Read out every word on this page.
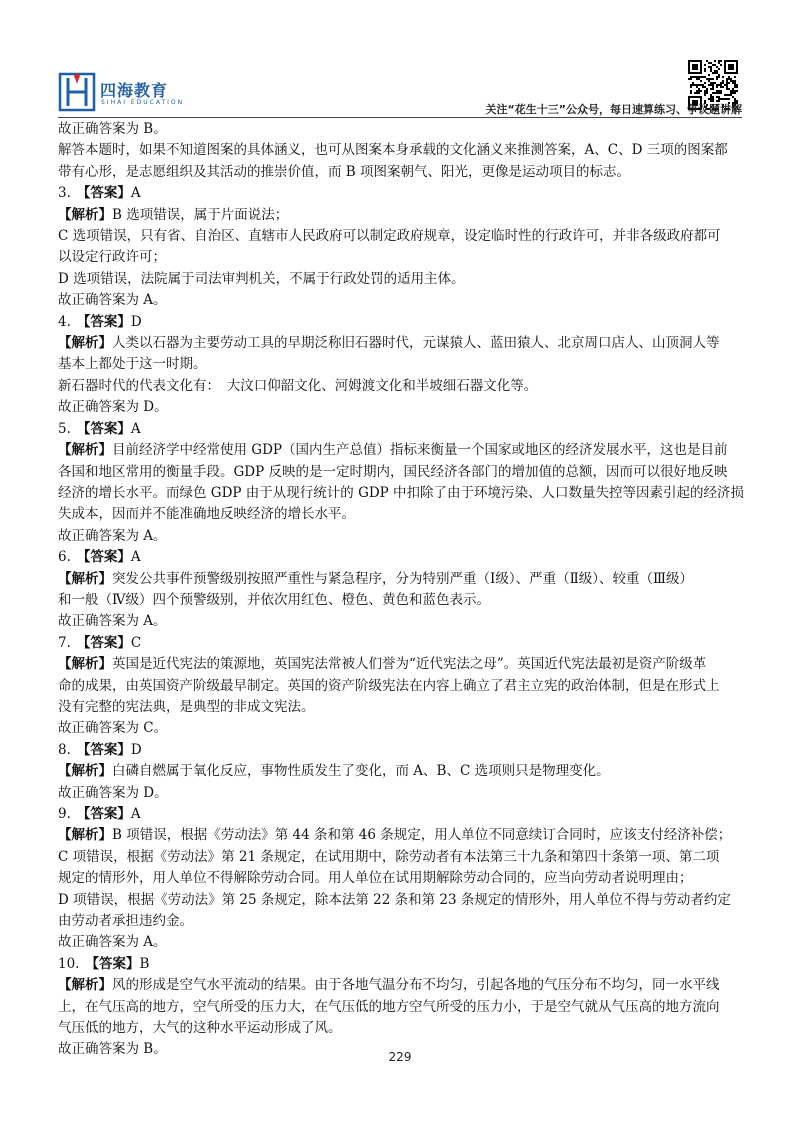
四海教育
SIHAI EDUCATION
关注“花生十三”公众号，每日速算练习、争议题讲解
故正确答案为 B。
解答本题时，如果不知道图案的具体涵义，也可从图案本身承载的文化涵义来推测答案，A、C、D 三项的图案都
带有心形，是志愿组织及其活动的推崇价值，而 B 项图案朝气、阳光，更像是运动项目的标志。
3. 【答案】A
【解析】B 选项错误，属于片面说法；
C 选项错误，只有省、自治区、直辖市人民政府可以制定政府规章，设定临时性的行政许可，并非各级政府都可
以设定行政许可；
D 选项错误，法院属于司法审判机关，不属于行政处罚的适用主体。
故正确答案为 A。
4. 【答案】D
【解析】人类以石器为主要劳动工具的早期泛称旧石器时代，元谋猿人、蓝田猿人、北京周口店人、山顶洞人等
基本上都处于这一时期。
新石器时代的代表文化有：　大汶口仰韶文化、河姆渡文化和半坡细石器文化等。
故正确答案为 D。
5. 【答案】A
【解析】目前经济学中经常使用 GDP（国内生产总值）指标来衡量一个国家或地区的经济发展水平，这也是目前
各国和地区常用的衡量手段。GDP 反映的是一定时期内，国民经济各部门的增加值的总额，因而可以很好地反映
经济的增长水平。而绿色 GDP 由于从现行统计的 GDP 中扣除了由于环境污染、人口数量失控等因素引起的经济损
失成本，因而并不能准确地反映经济的增长水平。
故正确答案为 A。
6. 【答案】A
【解析】突发公共事件预警级别按照严重性与紧急程序，分为特别严重（Ⅰ级）、严重（Ⅱ级）、较重（Ⅲ级）
和一般（Ⅳ级）四个预警级别，并依次用红色、橙色、黄色和蓝色表示。
故正确答案为 A。
7. 【答案】C
【解析】英国是近代宪法的策源地，英国宪法常被人们誉为“近代宪法之母”。英国近代宪法最初是资产阶级革
命的成果，由英国资产阶级最早制定。英国的资产阶级宪法在内容上确立了君主立宪的政治体制，但是在形式上
没有完整的宪法典，是典型的非成文宪法。
故正确答案为 C。
8. 【答案】D
【解析】白磷自燃属于氧化反应，事物性质发生了变化，而 A、B、C 选项则只是物理变化。
故正确答案为 D。
9. 【答案】A
【解析】B 项错误，根据《劳动法》第 44 条和第 46 条规定，用人单位不同意续订合同时，应该支付经济补偿；
C 项错误，根据《劳动法》第 21 条规定，在试用期中，除劳动者有本法第三十九条和第四十条第一项、第二项
规定的情形外，用人单位不得解除劳动合同。用人单位在试用期解除劳动合同的，应当向劳动者说明理由；
D 项错误，根据《劳动法》第 25 条规定，除本法第 22 条和第 23 条规定的情形外，用人单位不得与劳动者约定
由劳动者承担违约金。
故正确答案为 A。
10. 【答案】B
【解析】风的形成是空气水平流动的结果。由于各地气温分布不均匀，引起各地的气压分布不均匀，同一水平线
上，在气压高的地方，空气所受的压力大，在气压低的地方空气所受的压力小，于是空气就从气压高的地方流向
气压低的地方，大气的这种水平运动形成了风。
故正确答案为 B。	229
